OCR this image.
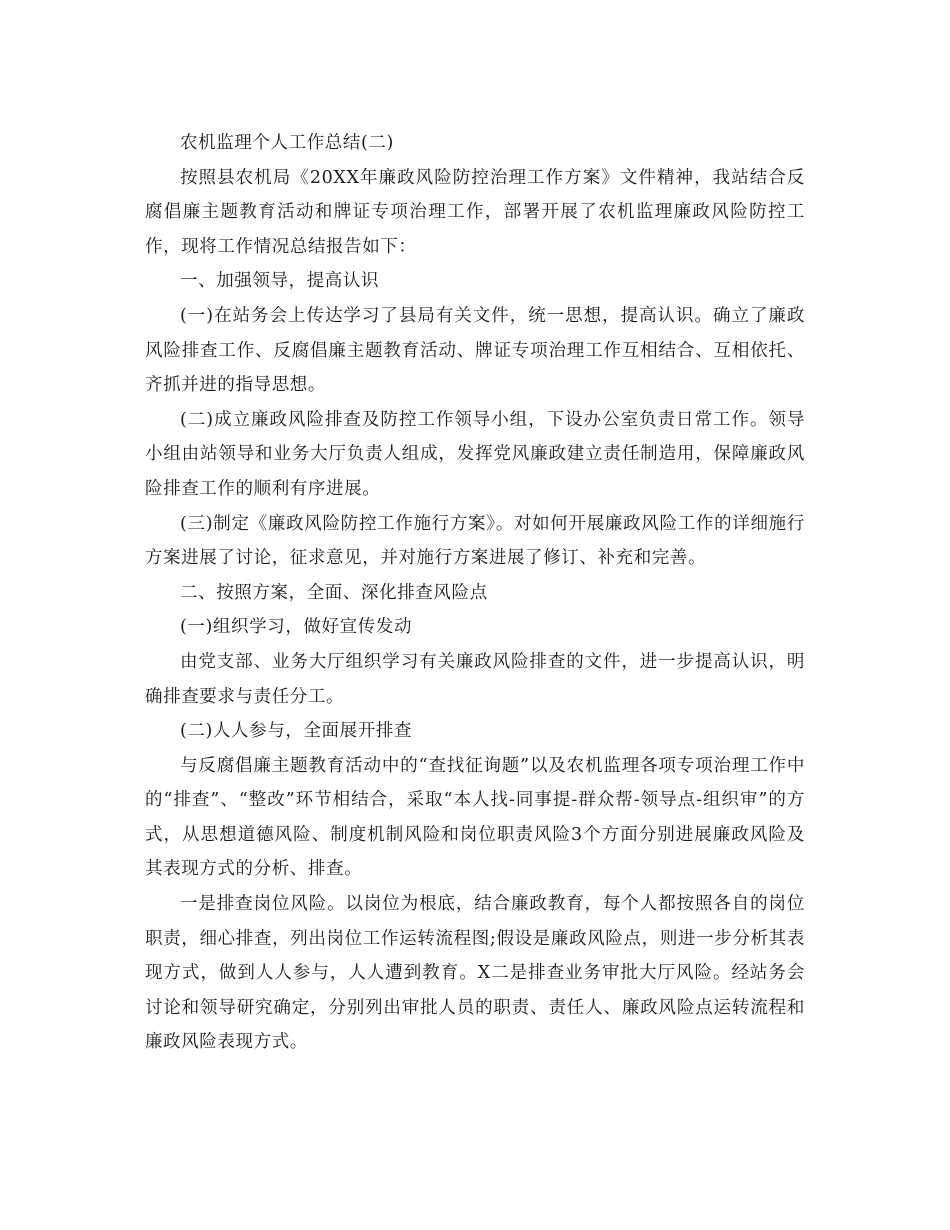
农机监理个人工作总结(二)

按照县农机局《20XX年廉政风险防控治理工作方案》文件精神，我站结合反腐倡廉主题教育活动和牌证专项治理工作，部署开展了农机监理廉政风险防控工作，现将工作情况总结报告如下：

一、加强领导，提高认识

(一)在站务会上传达学习了县局有关文件，统一思想，提高认识。确立了廉政风险排查工作、反腐倡廉主题教育活动、牌证专项治理工作互相结合、互相依托、齐抓并进的指导思想。

(二)成立廉政风险排查及防控工作领导小组，下设办公室负责日常工作。领导小组由站领导和业务大厅负责人组成，发挥党风廉政建立责任制造用，保障廉政风险排查工作的顺利有序进展。

(三)制定《廉政风险防控工作施行方案》。对如何开展廉政风险工作的详细施行方案进展了讨论，征求意见，并对施行方案进展了修订、补充和完善。

二、按照方案，全面、深化排查风险点

(一)组织学习，做好宣传发动

由党支部、业务大厅组织学习有关廉政风险排查的文件，进一步提高认识，明确排查要求与责任分工。

(二)人人参与，全面展开排查

与反腐倡廉主题教育活动中的“查找征询题”以及农机监理各项专项治理工作中的“排查”、“整改”环节相结合，采取“本人找-同事提-群众帮-领导点-组织审”的方式，从思想道德风险、制度机制风险和岗位职责风险3个方面分别进展廉政风险及其表现方式的分析、排查。

一是排查岗位风险。以岗位为根底，结合廉政教育，每个人都按照各自的岗位职责，细心排查，列出岗位工作运转流程图;假设是廉政风险点，则进一步分析其表现方式，做到人人参与，人人遭到教育。X二是排查业务审批大厅风险。经站务会讨论和领导研究确定，分别列出审批人员的职责、责任人、廉政风险点运转流程和廉政风险表现方式。
